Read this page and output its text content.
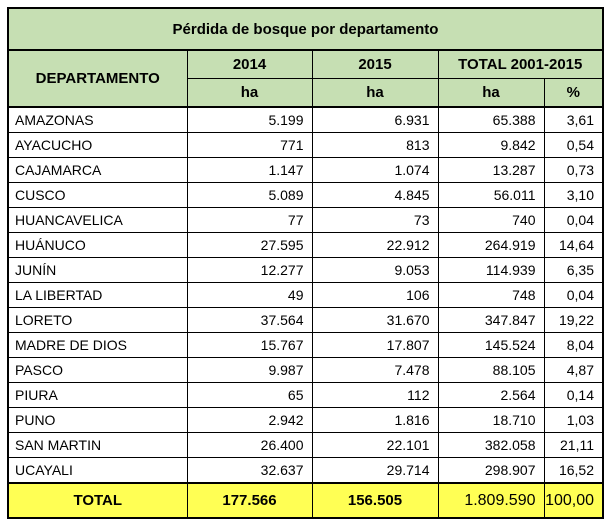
Pérdida de bosque por departamento				
DEPARTAMENTO	2014	2015	TOTAL 2001-2015	
	ha	ha	ha	%
AMAZONAS	5.199	6.931	65.388	3,61
AYACUCHO	771	813	9.842	0,54
CAJAMARCA	1.147	1.074	13.287	0,73
CUSCO	5.089	4.845	56.011	3,10
HUANCAVELICA	77	73	740	0,04
HUÁNUCO	27.595	22.912	264.919	14,64
JUNÍN	12.277	9.053	114.939	6,35
LA LIBERTAD	49	106	748	0,04
LORETO	37.564	31.670	347.847	19,22
MADRE DE DIOS	15.767	17.807	145.524	8,04
PASCO	9.987	7.478	88.105	4,87
PIURA	65	112	2.564	0,14
PUNO	2.942	1.816	18.710	1,03
SAN MARTIN	26.400	22.101	382.058	21,11
UCAYALI	32.637	29.714	298.907	16,52
TOTAL	177.566	156.505	1.809.590	100,00
